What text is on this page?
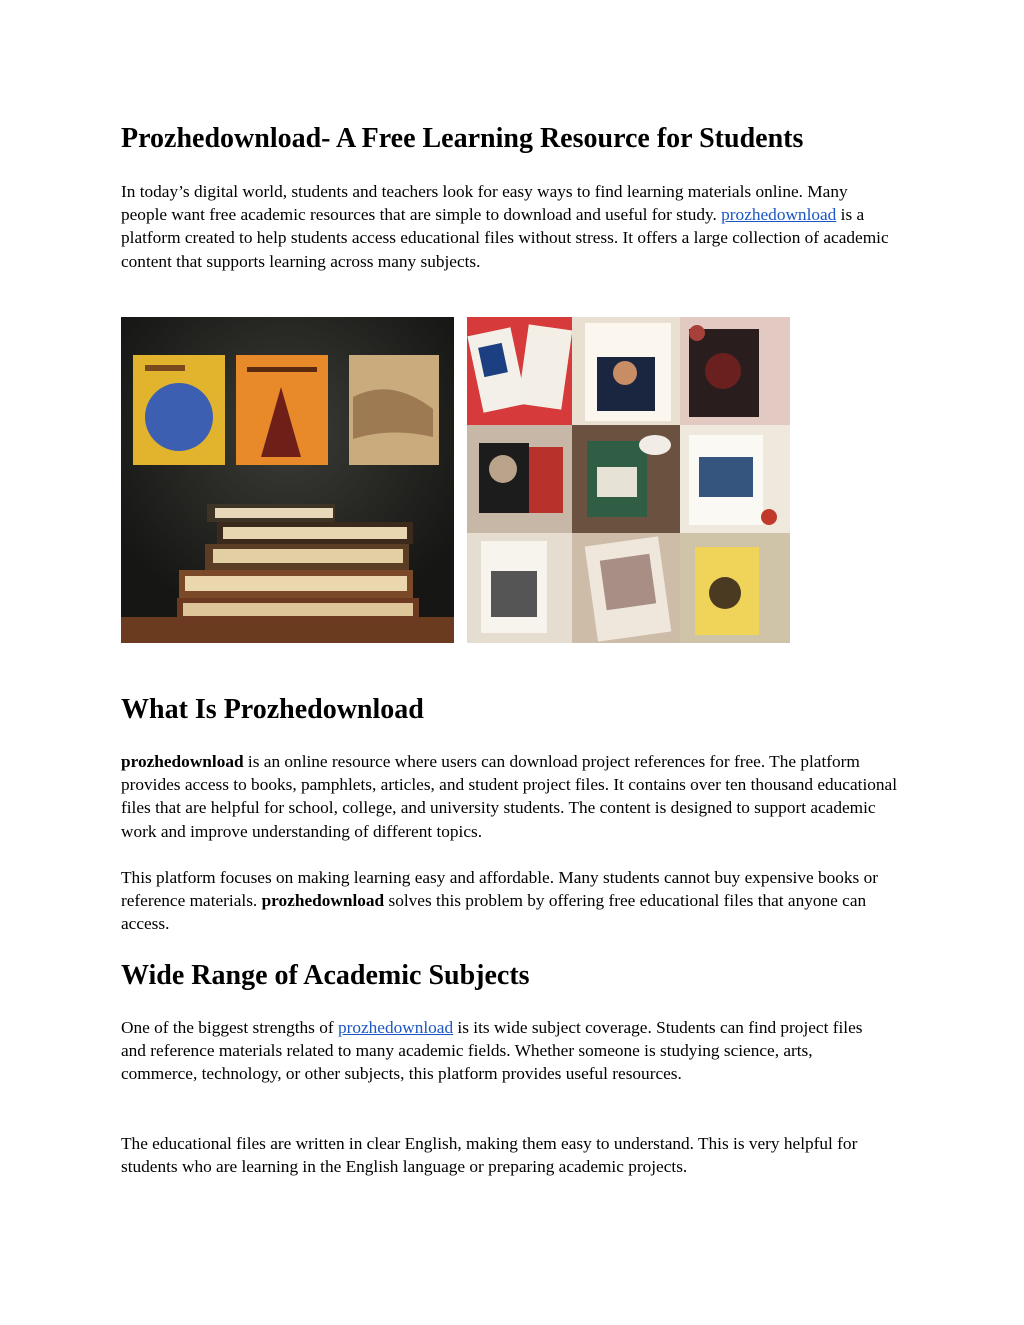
Prozhedownload- A Free Learning Resource for Students

In today’s digital world, students and teachers look for easy ways to find learning materials online. Many people want free academic resources that are simple to download and useful for study. prozhedownload is a platform created to help students access educational files without stress. It offers a large collection of academic content that supports learning across many subjects.

What Is Prozhedownload

prozhedownload is an online resource where users can download project references for free. The platform provides access to books, pamphlets, articles, and student project files. It contains over ten thousand educational files that are helpful for school, college, and university students. The content is designed to support academic work and improve understanding of different topics.

This platform focuses on making learning easy and affordable. Many students cannot buy expensive books or reference materials. prozhedownload solves this problem by offering free educational files that anyone can access.

Wide Range of Academic Subjects

One of the biggest strengths of prozhedownload is its wide subject coverage. Students can find project files and reference materials related to many academic fields. Whether someone is studying science, arts, commerce, technology, or other subjects, this platform provides useful resources.

The educational files are written in clear English, making them easy to understand. This is very helpful for students who are learning in the English language or preparing academic projects.
